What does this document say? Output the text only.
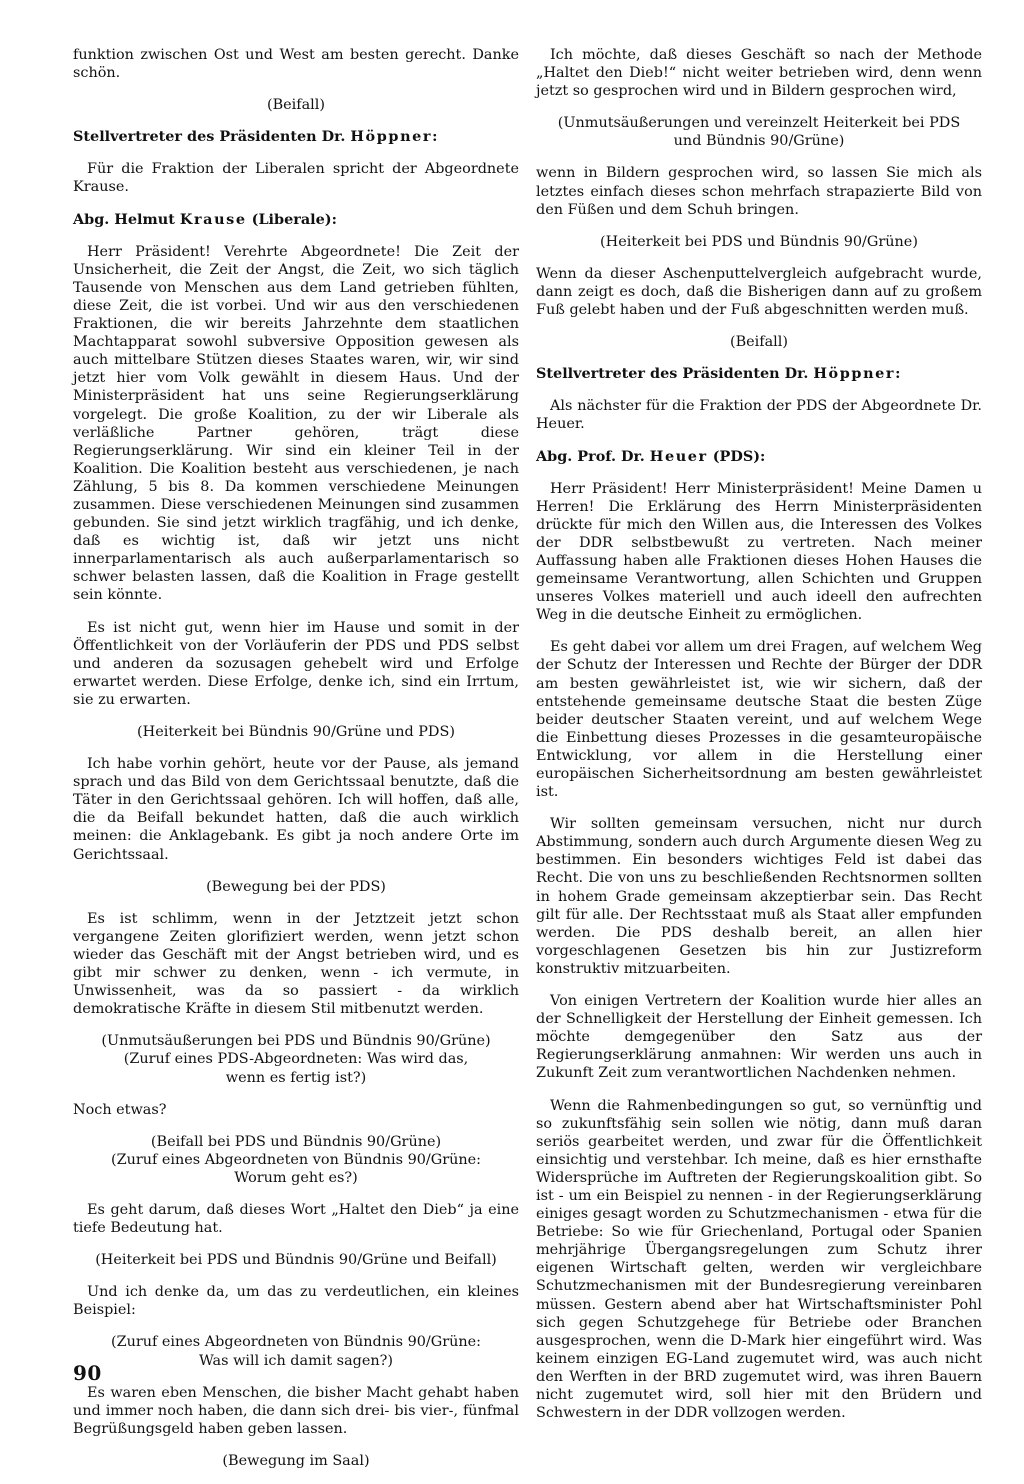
funktion zwischen Ost und West am besten gerecht. Danke schön.
(Beifall)
Stellvertreter des Präsidenten Dr. Höppner:
Für die Fraktion der Liberalen spricht der Abgeordnete Krause.
Abg. Helmut Krause (Liberale):
Herr Präsident! Verehrte Abgeordnete! Die Zeit der Unsicherheit, die Zeit der Angst, die Zeit, wo sich täglich Tausende von Menschen aus dem Land getrieben fühlten, diese Zeit, die ist vorbei. Und wir aus den verschiedenen Fraktionen, die wir bereits Jahrzehnte dem staatlichen Machtapparat sowohl subversive Opposition gewesen als auch mittelbare Stützen dieses Staates waren, wir, wir sind jetzt hier vom Volk gewählt in diesem Haus. Und der Ministerpräsident hat uns seine Regierungserklärung vorgelegt. Die große Koalition, zu der wir Liberale als verläßliche Partner gehören, trägt diese Regierungserklärung. Wir sind ein kleiner Teil in der Koalition. Die Koalition besteht aus verschiedenen, je nach Zählung, 5 bis 8. Da kommen verschiedene Meinungen zusammen. Diese verschiedenen Meinungen sind zusammen gebunden. Sie sind jetzt wirklich tragfähig, und ich denke, daß es wichtig ist, daß wir jetzt uns nicht innerparlamentarisch als auch außerparlamentarisch so schwer belasten lassen, daß die Koalition in Frage gestellt sein könnte.
Es ist nicht gut, wenn hier im Hause und somit in der Öffentlichkeit von der Vorläuferin der PDS und PDS selbst und anderen da sozusagen gehebelt wird und Erfolge erwartet werden. Diese Erfolge, denke ich, sind ein Irrtum, sie zu erwarten.
(Heiterkeit bei Bündnis 90/Grüne und PDS)
Ich habe vorhin gehört, heute vor der Pause, als jemand sprach und das Bild von dem Gerichtssaal benutzte, daß die Täter in den Gerichtssaal gehören. Ich will hoffen, daß alle, die da Beifall bekundet hatten, daß die auch wirklich meinen: die Anklagebank. Es gibt ja noch andere Orte im Gerichtssaal.
(Bewegung bei der PDS)
Es ist schlimm, wenn in der Jetztzeit jetzt schon vergangene Zeiten glorifiziert werden, wenn jetzt schon wieder das Geschäft mit der Angst betrieben wird, und es gibt mir schwer zu denken, wenn - ich vermute, in Unwissenheit, was da so passiert - da wirklich demokratische Kräfte in diesem Stil mitbenutzt werden.
(Unmutsäußerungen bei PDS und Bündnis 90/Grüne)
(Zuruf eines PDS-Abgeordneten: Was wird das,
wenn es fertig ist?)
Noch etwas?
(Beifall bei PDS und Bündnis 90/Grüne)
(Zuruf eines Abgeordneten von Bündnis 90/Grüne:
Worum geht es?)
Es geht darum, daß dieses Wort „Haltet den Dieb“ ja eine tiefe Bedeutung hat.
(Heiterkeit bei PDS und Bündnis 90/Grüne und Beifall)
Und ich denke da, um das zu verdeutlichen, ein kleines Beispiel:
(Zuruf eines Abgeordneten von Bündnis 90/Grüne:
Was will ich damit sagen?)
Es waren eben Menschen, die bisher Macht gehabt haben und immer noch haben, die dann sich drei- bis vier-, fünfmal Begrüßungsgeld haben geben lassen.
(Bewegung im Saal)
Ich möchte, daß dieses Geschäft so nach der Methode „Haltet den Dieb!“ nicht weiter betrieben wird, denn wenn jetzt so gesprochen wird und in Bildern gesprochen wird,
(Unmutsäußerungen und vereinzelt Heiterkeit bei PDS
und Bündnis 90/Grüne)
wenn in Bildern gesprochen wird, so lassen Sie mich als letztes einfach dieses schon mehrfach strapazierte Bild von den Füßen und dem Schuh bringen.
(Heiterkeit bei PDS und Bündnis 90/Grüne)
Wenn da dieser Aschenputtelvergleich aufgebracht wurde, dann zeigt es doch, daß die Bisherigen dann auf zu großem Fuß gelebt haben und der Fuß abgeschnitten werden muß.
(Beifall)
Stellvertreter des Präsidenten Dr. Höppner:
Als nächster für die Fraktion der PDS der Abgeordnete Dr. Heuer.
Abg. Prof. Dr. Heuer (PDS):
Herr Präsident! Herr Ministerpräsident! Meine Damen u Herren! Die Erklärung des Herrn Ministerpräsidenten drückte für mich den Willen aus, die Interessen des Volkes der DDR selbstbewußt zu vertreten. Nach meiner Auffassung haben alle Fraktionen dieses Hohen Hauses die gemeinsame Verantwortung, allen Schichten und Gruppen unseres Volkes materiell und auch ideell den aufrechten Weg in die deutsche Einheit zu ermöglichen.
Es geht dabei vor allem um drei Fragen, auf welchem Weg der Schutz der Interessen und Rechte der Bürger der DDR am besten gewährleistet ist, wie wir sichern, daß der entstehende gemeinsame deutsche Staat die besten Züge beider deutscher Staaten vereint, und auf welchem Wege die Einbettung dieses Prozesses in die gesamteuropäische Entwicklung, vor allem in die Herstellung einer europäischen Sicherheitsordnung am besten gewährleistet ist.
Wir sollten gemeinsam versuchen, nicht nur durch Abstimmung, sondern auch durch Argumente diesen Weg zu bestimmen. Ein besonders wichtiges Feld ist dabei das Recht. Die von uns zu beschließenden Rechtsnormen sollten in hohem Grade gemeinsam akzeptierbar sein. Das Recht gilt für alle. Der Rechtsstaat muß als Staat aller empfunden werden. Die PDS deshalb bereit, an allen hier vorgeschlagenen Gesetzen bis hin zur Justizreform konstruktiv mitzuarbeiten.
Von einigen Vertretern der Koalition wurde hier alles an der Schnelligkeit der Herstellung der Einheit gemessen. Ich möchte demgegenüber den Satz aus der Regierungserklärung anmahnen: Wir werden uns auch in Zukunft Zeit zum verantwortlichen Nachdenken nehmen.
Wenn die Rahmenbedingungen so gut, so vernünftig und so zukunftsfähig sein sollen wie nötig, dann muß daran seriös gearbeitet werden, und zwar für die Öffentlichkeit einsichtig und verstehbar. Ich meine, daß es hier ernsthafte Widersprüche im Auftreten der Regierungskoalition gibt. So ist - um ein Beispiel zu nennen - in der Regierungserklärung einiges gesagt worden zu Schutzmechanismen - etwa für die Betriebe: So wie für Griechenland, Portugal oder Spanien mehrjährige Übergangsregelungen zum Schutz ihrer eigenen Wirtschaft gelten, werden wir vergleichbare Schutzmechanismen mit der Bundesregierung vereinbaren müssen. Gestern abend aber hat Wirtschaftsminister Pohl sich gegen Schutzgehege für Betriebe oder Branchen ausgesprochen, wenn die D-Mark hier eingeführt wird. Was keinem einzigen EG-Land zugemutet wird, was auch nicht den Werften in der BRD zugemutet wird, was ihren Bauern nicht zugemutet wird, soll hier mit den Brüdern und Schwestern in der DDR vollzogen werden.
90
